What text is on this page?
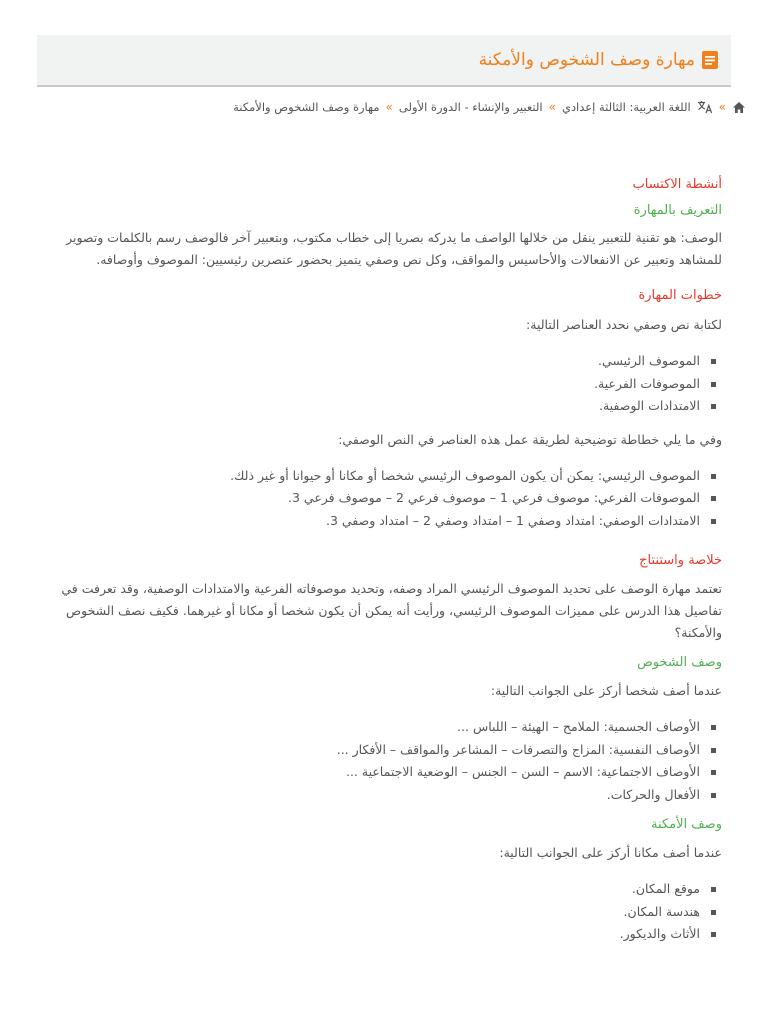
مهارة وصف الشخوص والأمكنة
»
اللغة العربية: الثالثة إعدادي
»
التعبير والإنشاء - الدورة الأولى
»
مهارة وصف الشخوص والأمكنة
أنشطة الاكتساب
التعريف بالمهارة
الوصف: هو تقنية للتعبير ينقل من خلالها الواصف ما يدركه بصريا إلى خطاب مكتوب، وبتعبير آخر فالوصف رسم بالكلمات وتصوير
للمشاهد وتعبير عن الانفعالات والأحاسيس والمواقف، وكل نص وصفي يتميز بحضور عنصرين رئيسيين: الموصوف وأوصافه.
خطوات المهارة
لكتابة نص وصفي نحدد العناصر التالية:
الموصوف الرئيسي.
الموصوفات الفرعية.
الامتدادات الوصفية.
وفي ما يلي خطاطة توضيحية لطريقة عمل هذه العناصر في النص الوصفي:
الموصوف الرئيسي: يمكن أن يكون الموصوف الرئيسي شخصا أو مكانا أو حيوانا أو غير ذلك.
الموصوفات الفرعي: موصوف فرعي 1 – موصوف فرعي 2 – موصوف فرعي 3.
الامتدادات الوصفي: امتداد وصفي 1 – امتداد وصفي 2 – امتداد وصفي 3.
خلاصة واستنتاج
تعتمد مهارة الوصف على تحديد الموصوف الرئيسي المراد وصفه، وتحديد موصوفاته الفرعية والامتدادات الوصفية، وقد تعرفت في
تفاصيل هذا الدرس على مميزات الموصوف الرئيسي، ورأيت أنه يمكن أن يكون شخصا أو مكانا أو غيرهما. فكيف نصف الشخوص
والأمكنة؟
وصف الشخوص
عندما أصف شخصا أركز على الجوانب التالية:
الأوصاف الجسمية: الملامح – الهيئة – اللباس ...
الأوصاف النفسية: المزاج والتصرفات – المشاعر والمواقف – الأفكار ...
الأوصاف الاجتماعية: الاسم – السن – الجنس – الوضعية الاجتماعية ...
الأفعال والحركات.
وصف الأمكنة
عندما أصف مكانا أركز على الجوانب التالية:
موقع المكان.
هندسة المكان.
الأثاث والديكور.
